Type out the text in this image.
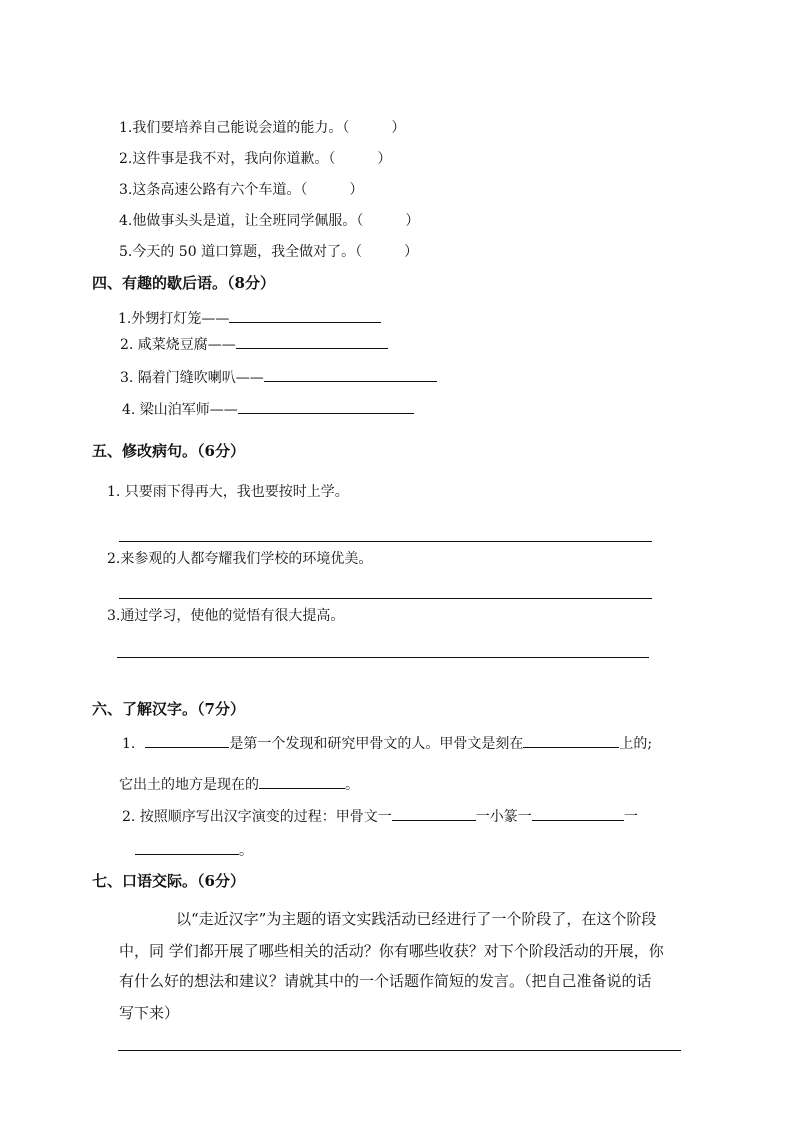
1.我们要培养自己能说会道的能力。（　　　）
2.这件事是我不对，我向你道歉。（　　　）
3.这条高速公路有六个车道。（　　　）
4.他做事头头是道，让全班同学佩服。（　　　）
5.今天的 50 道口算题，我全做对了。（　　　）
四、有趣的歇后语。（8分）
1.外甥打灯笼——
2. 咸菜烧豆腐——
3. 隔着门缝吹喇叭——
4. 梁山泊军师——
五、修改病句。（6分）
1. 只要雨下得再大，我也要按时上学。
2.来参观的人都夸耀我们学校的环境优美。
3.通过学习，使他的觉悟有很大提高。
六、了解汉字。（7分）
1.	是第一个发现和研究甲骨文的人。甲骨文是刻在	上的;
它出土的地方是现在的	。
2. 按照顺序写出汉字演变的过程：甲骨文一	一小篆一	一
。
七、口语交际。（6分）
以“走近汉字”为主题的语文实践活动已经进行了一个阶段了，在这个阶段
中，同 学们都开展了哪些相关的活动？你有哪些收获？对下个阶段活动的开展，你
有什么好的想法和建议？请就其中的一个话题作简短的发言。（把自己准备说的话
写下来）
